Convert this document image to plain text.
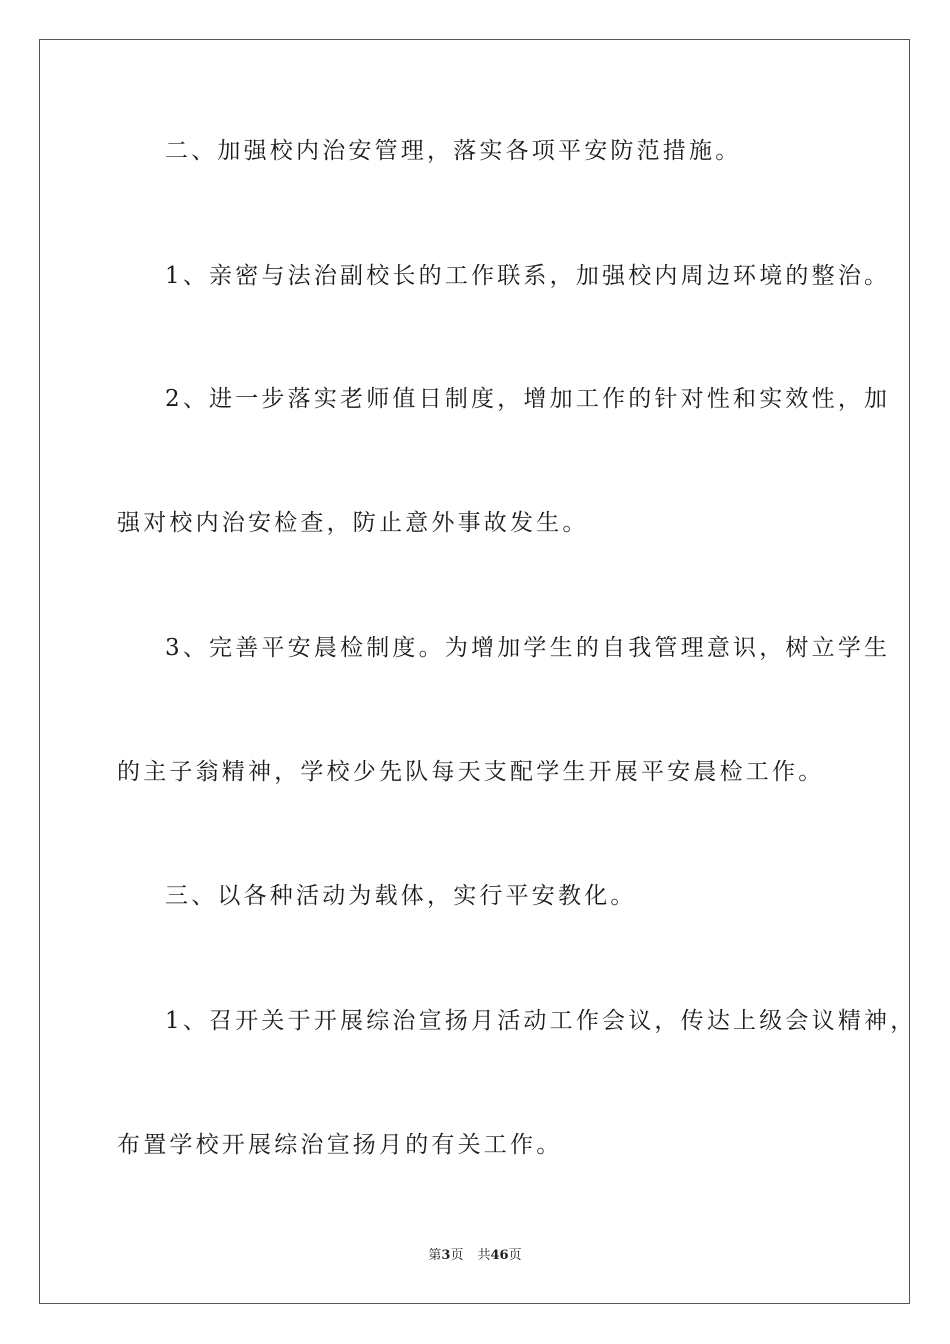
二、加强校内治安管理，落实各项平安防范措施。

1、亲密与法治副校长的工作联系，加强校内周边环境的整治。

2、进一步落实老师值日制度，增加工作的针对性和实效性，加

强对校内治安检查，防止意外事故发生。

3、完善平安晨检制度。为增加学生的自我管理意识，树立学生

的主子翁精神，学校少先队每天支配学生开展平安晨检工作。

三、以各种活动为载体，实行平安教化。

1、召开关于开展综治宣扬月活动工作会议，传达上级会议精神，

布置学校开展综治宣扬月的有关工作。

第3页 共46页
